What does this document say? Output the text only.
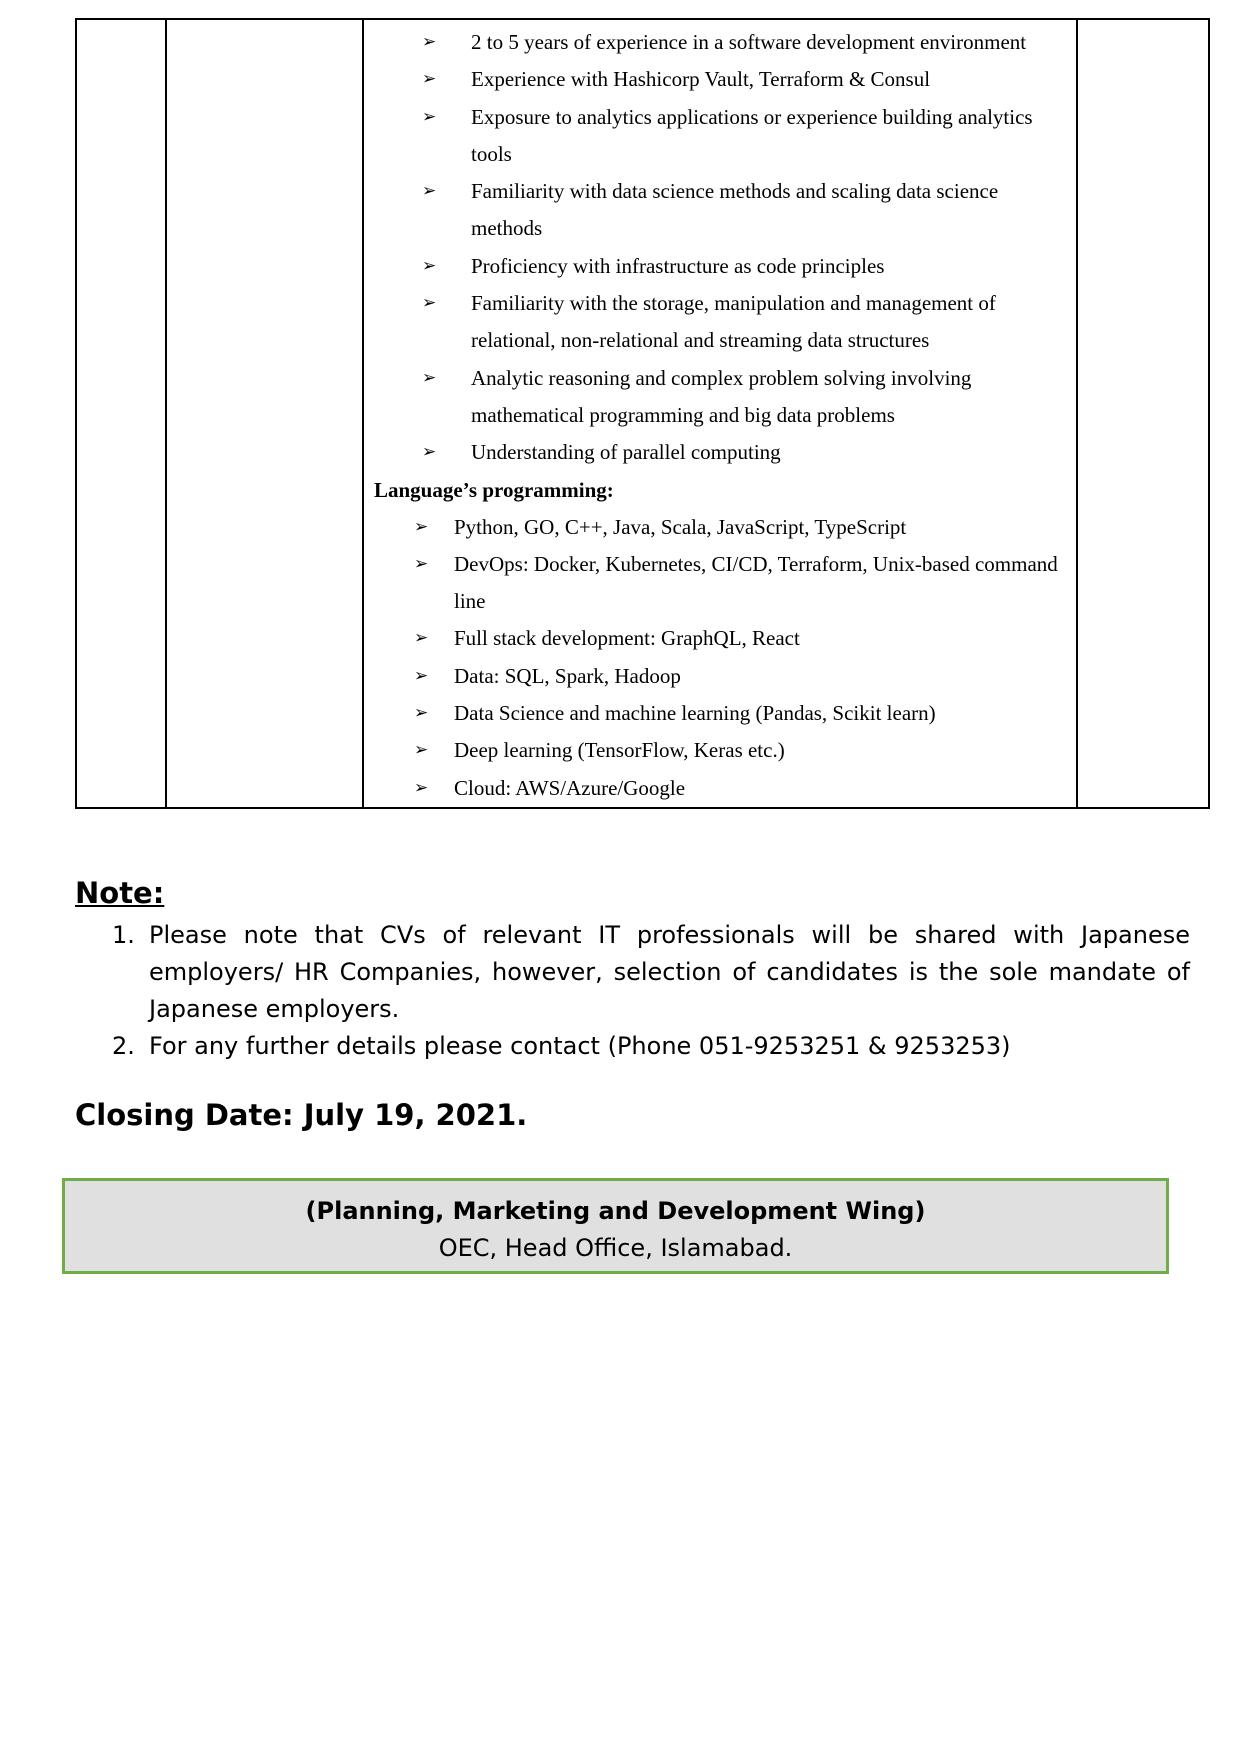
➢ 2 to 5 years of experience in a software development environment
➢ Experience with Hashicorp Vault, Terraform & Consul
➢ Exposure to analytics applications or experience building analytics tools
➢ Familiarity with data science methods and scaling data science methods
➢ Proficiency with infrastructure as code principles
➢ Familiarity with the storage, manipulation and management of relational, non-relational and streaming data structures
➢ Analytic reasoning and complex problem solving involving mathematical programming and big data problems
➢ Understanding of parallel computing

Language’s programming:

➢ Python, GO, C++, Java, Scala, JavaScript, TypeScript
➢ DevOps: Docker, Kubernetes, CI/CD, Terraform, Unix-based command line
➢ Full stack development: GraphQL, React
➢ Data: SQL, Spark, Hadoop
➢ Data Science and machine learning (Pandas, Scikit learn)
➢ Deep learning (TensorFlow, Keras etc.)
➢ Cloud: AWS/Azure/Google

Note:
1. Please note that CVs of relevant IT professionals will be shared with Japanese employers/ HR Companies, however, selection of candidates is the sole mandate of Japanese employers.
2. For any further details please contact (Phone 051-9253251 & 9253253)
Closing Date: July 19, 2021.
(Planning, Marketing and Development Wing)
OEC, Head Office, Islamabad.
